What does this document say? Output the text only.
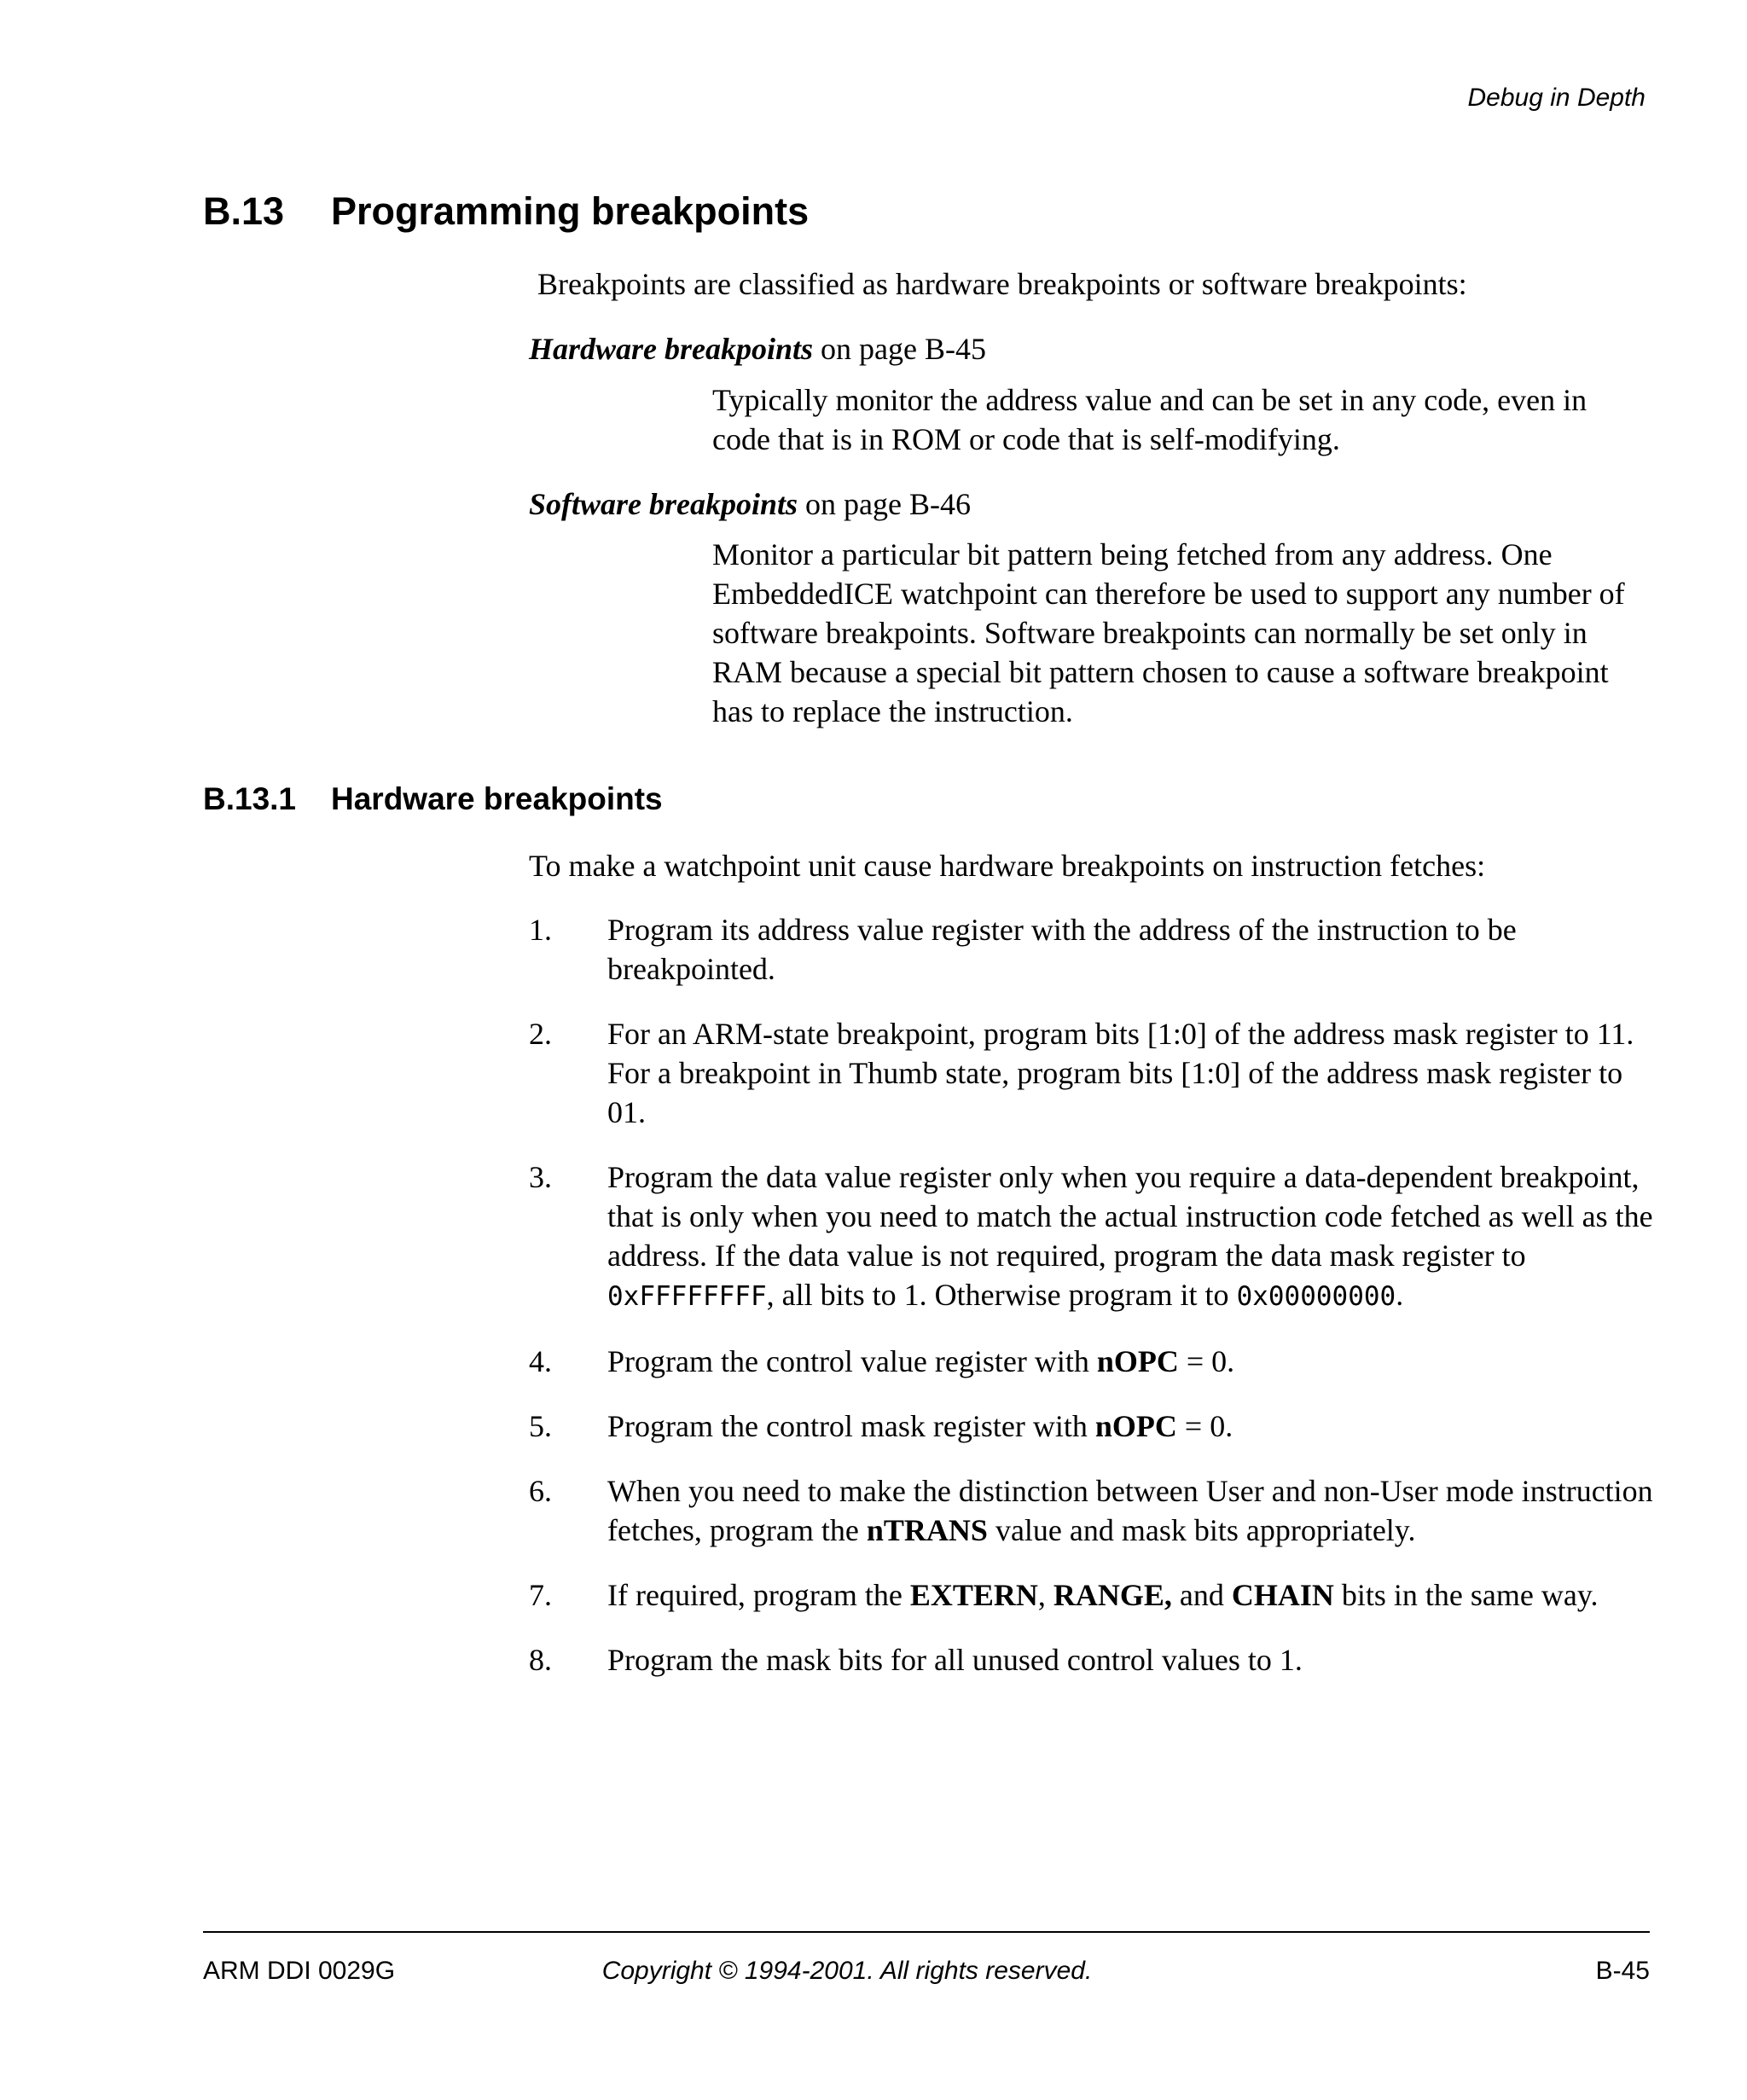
Debug in Depth
B.13 Programming breakpoints
Breakpoints are classified as hardware breakpoints or software breakpoints:
Hardware breakpoints on page B-45
Typically monitor the address value and can be set in any code, even in code that is in ROM or code that is self-modifying.
Software breakpoints on page B-46
Monitor a particular bit pattern being fetched from any address. One EmbeddedICE watchpoint can therefore be used to support any number of software breakpoints. Software breakpoints can normally be set only in RAM because a special bit pattern chosen to cause a software breakpoint has to replace the instruction.
B.13.1 Hardware breakpoints
To make a watchpoint unit cause hardware breakpoints on instruction fetches:
1. Program its address value register with the address of the instruction to be breakpointed.
2. For an ARM-state breakpoint, program bits [1:0] of the address mask register to 11. For a breakpoint in Thumb state, program bits [1:0] of the address mask register to 01.
3. Program the data value register only when you require a data-dependent breakpoint, that is only when you need to match the actual instruction code fetched as well as the address. If the data value is not required, program the data mask register to 0xFFFFFFFF, all bits to 1. Otherwise program it to 0x00000000.
4. Program the control value register with nOPC = 0.
5. Program the control mask register with nOPC = 0.
6. When you need to make the distinction between User and non-User mode instruction fetches, program the nTRANS value and mask bits appropriately.
7. If required, program the EXTERN, RANGE, and CHAIN bits in the same way.
8. Program the mask bits for all unused control values to 1.
ARM DDI 0029G	Copyright © 1994-2001. All rights reserved.	B-45
